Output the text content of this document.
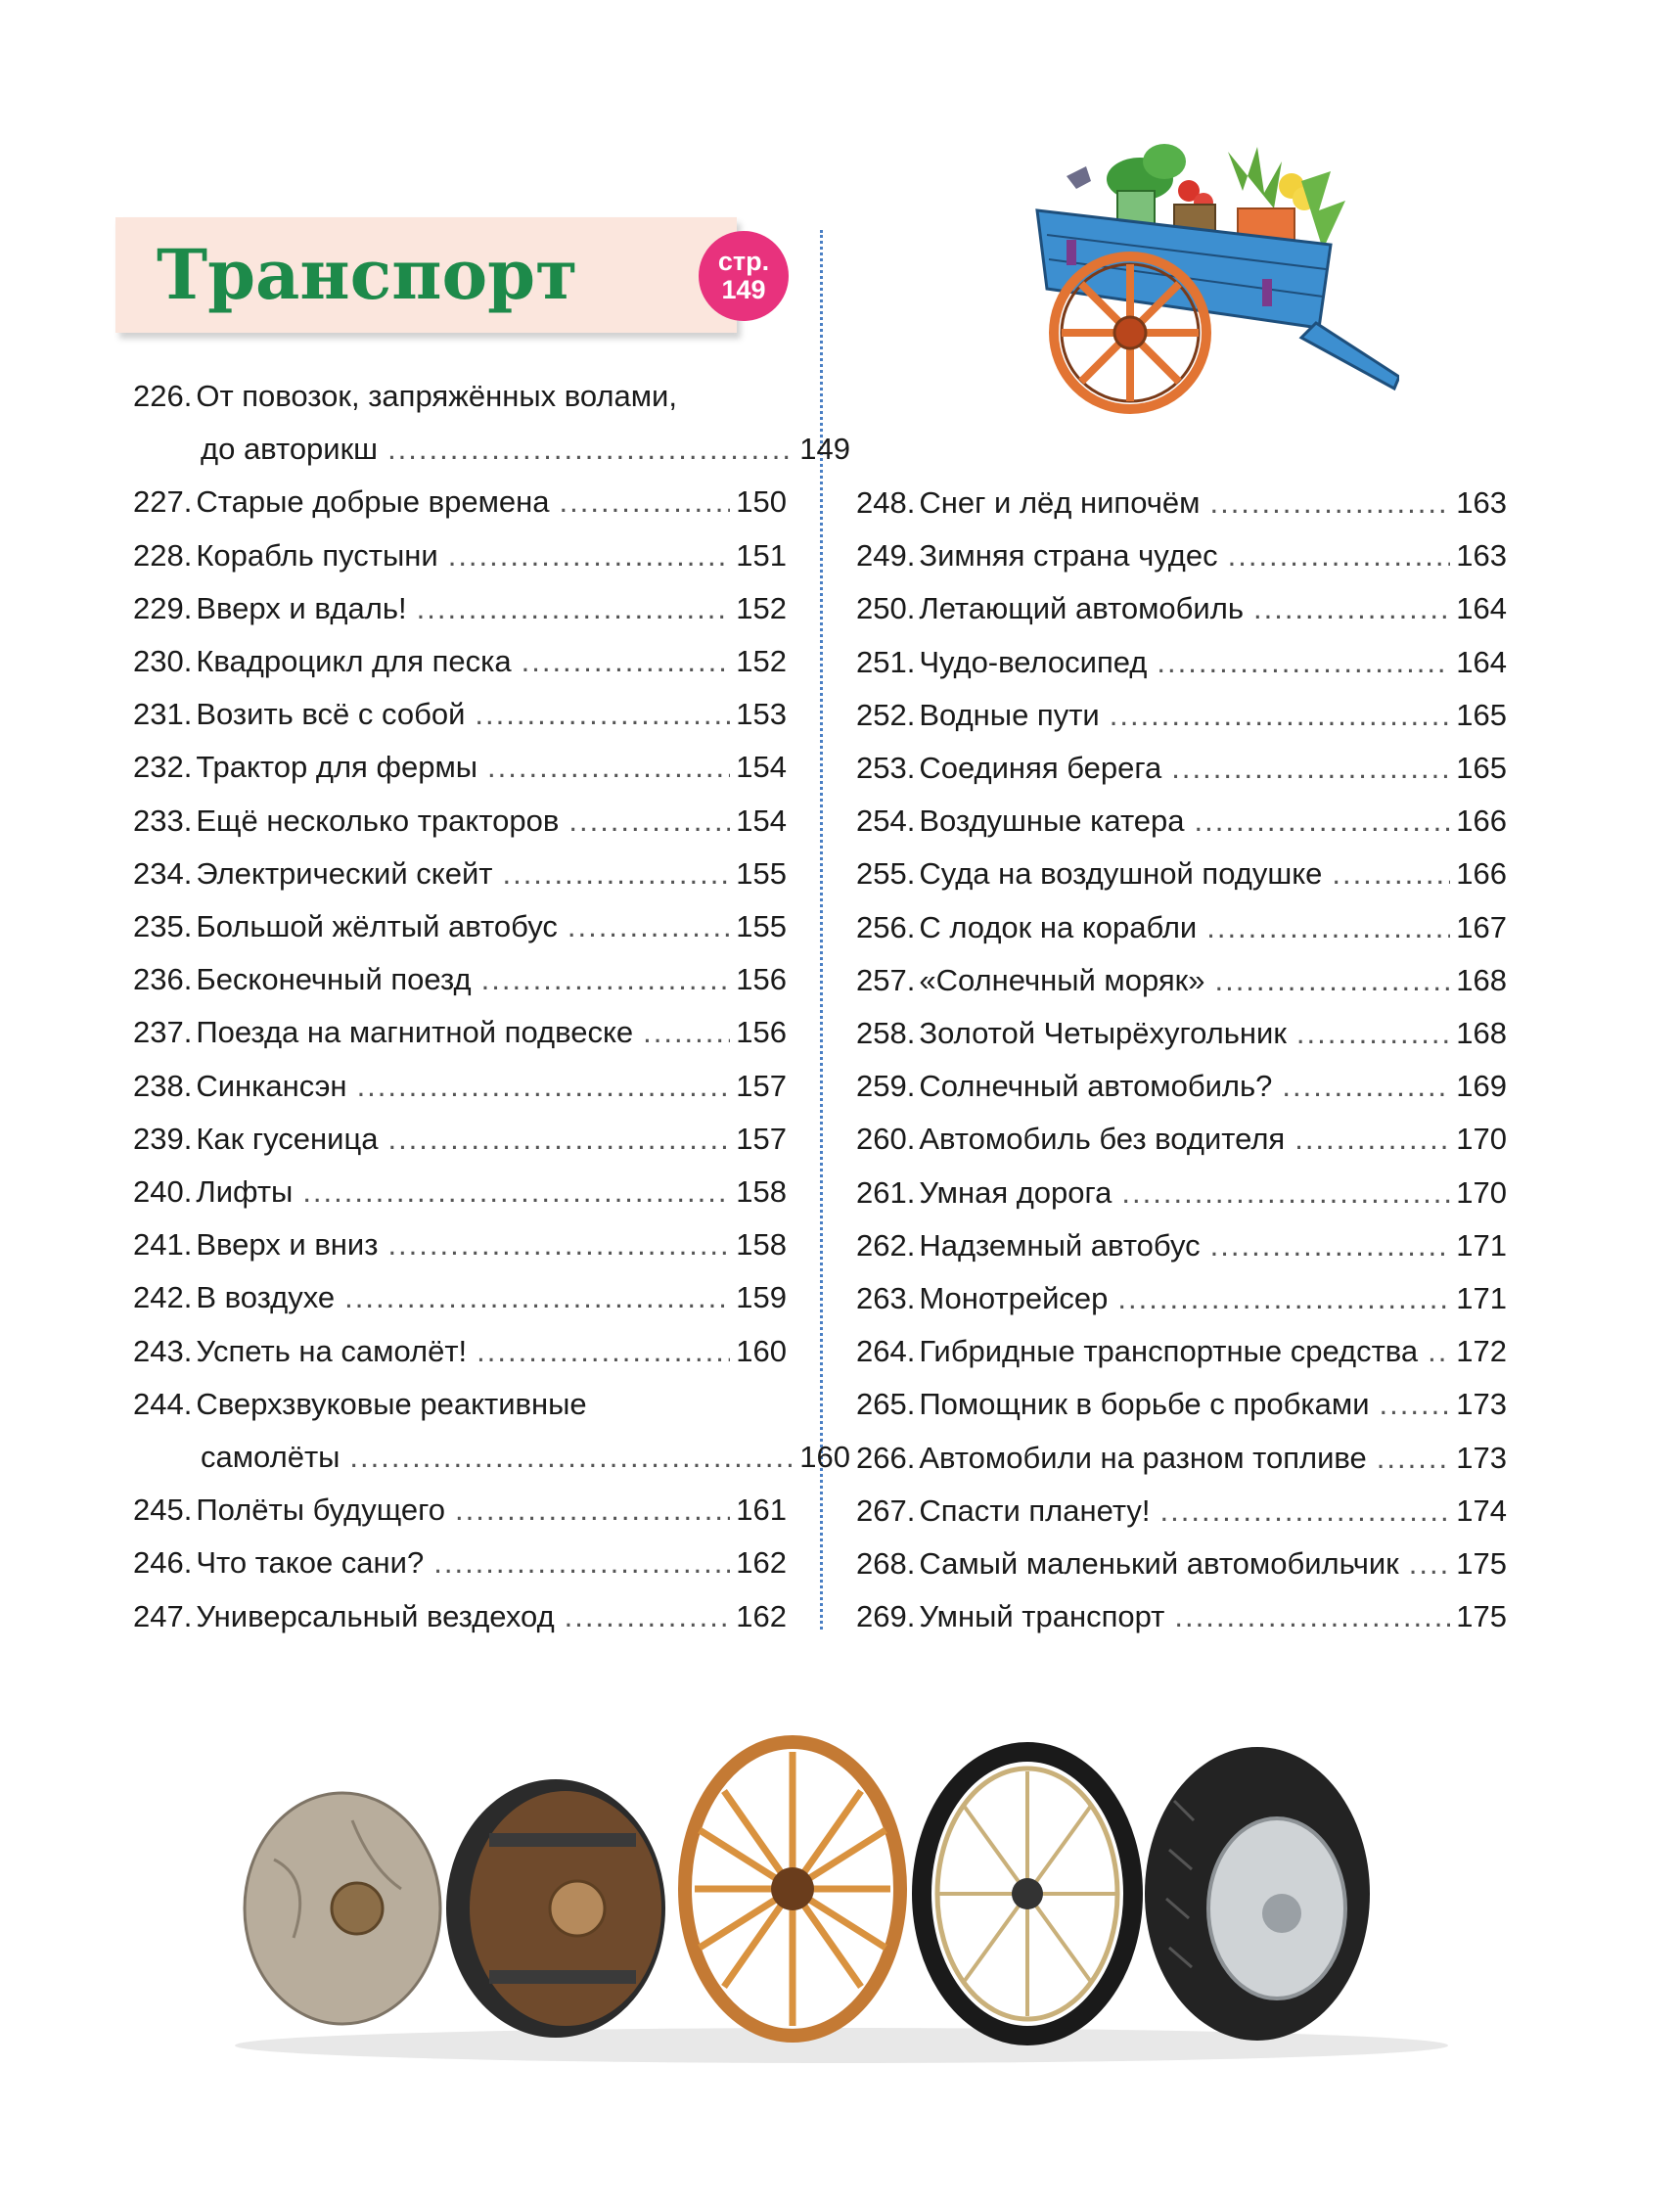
Транспорт	стр.
149
226. От повозок, запряжённых волами,
до авторикш .....	149
227. Старые добрые времена .....	150
228. Корабль пустыни .....	151
229. Вверх и вдаль! .....	152
230. Квадроцикл для песка .....	152
231. Возить всё с собой .....	153
232. Трактор для фермы .....	154
233. Ещё несколько тракторов .....	154
234. Электрический скейт .....	155
235. Большой жёлтый автобус .....	155
236. Бесконечный поезд .....	156
237. Поезда на магнитной подвеске .....	156
238. Синкансэн .....	157
239. Как гусеница .....	157
240. Лифты .....	158
241. Вверх и вниз .....	158
242. В воздухе .....	159
243. Успеть на самолёт! .....	160
244. Сверхзвуковые реактивные
самолёты .....	160
245. Полёты будущего .....	161
246. Что такое сани? .....	162
247. Универсальный вездеход .....	162
248. Снег и лёд нипочём .....	163
249. Зимняя страна чудес .....	163
250. Летающий автомобиль .....	164
251. Чудо-велосипед .....	164
252. Водные пути .....	165
253. Соединяя берега .....	165
254. Воздушные катера .....	166
255. Суда на воздушной подушке .....	166
256. С лодок на корабли .....	167
257. «Солнечный моряк» .....	168
258. Золотой Четырёхугольник .....	168
259. Солнечный автомобиль? .....	169
260. Автомобиль без водителя .....	170
261. Умная дорога .....	170
262. Надземный автобус .....	171
263. Монотрейсер .....	171
264. Гибридные транспортные средства ..... 172
265. Помощник в борьбе с пробками .....	173
266. Автомобили на разном топливе .....	173
267. Спасти планету! .....	174
268. Самый маленький автомобильчик ..... 175
269. Умный транспорт .....	175
